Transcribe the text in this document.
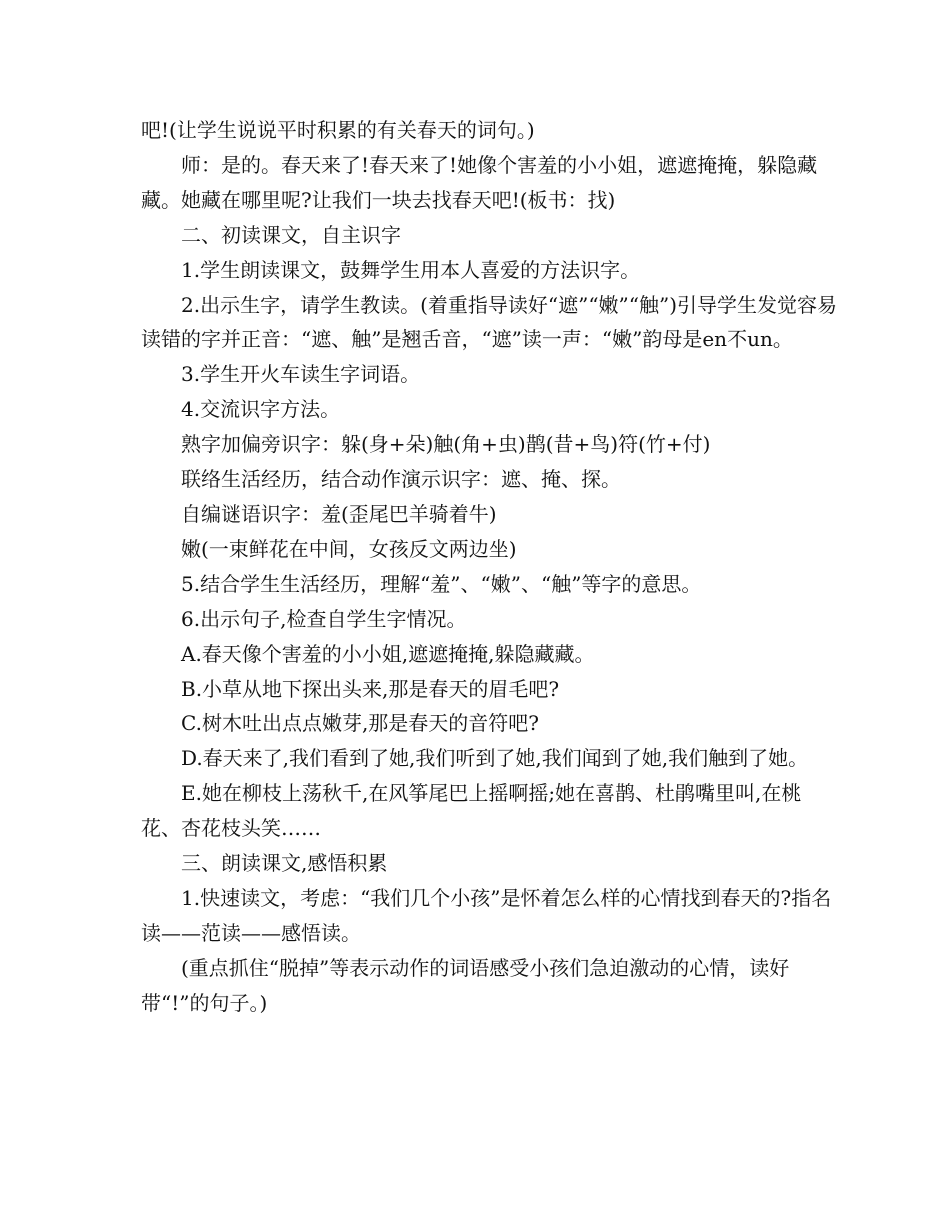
吧!(让学生说说平时积累的有关春天的词句。)

师：是的。春天来了!春天来了!她像个害羞的小小姐，遮遮掩掩，躲隐藏藏。她藏在哪里呢?让我们一块去找春天吧!(板书：找)

二、初读课文，自主识字

1.学生朗读课文，鼓舞学生用本人喜爱的方法识字。

2.出示生字，请学生教读。(着重指导读好“遮”“嫩”“触”)引导学生发觉容易读错的字并正音：“遮、触”是翘舌音，“遮”读一声：“嫩”韵母是en不un。

3.学生开火车读生字词语。

4.交流识字方法。

熟字加偏旁识字：躲(身+朵)触(角+虫)鹊(昔+鸟)符(竹+付)

联络生活经历，结合动作演示识字：遮、掩、探。

自编谜语识字：羞(歪尾巴羊骑着牛)

嫩(一束鲜花在中间，女孩反文两边坐)

5.结合学生生活经历，理解“羞”、“嫩”、“触”等字的意思。

6.出示句子,检查自学生字情况。

A.春天像个害羞的小小姐,遮遮掩掩,躲隐藏藏。

B.小草从地下探出头来,那是春天的眉毛吧?

C.树木吐出点点嫩芽,那是春天的音符吧?

D.春天来了,我们看到了她,我们听到了她,我们闻到了她,我们触到了她。

E.她在柳枝上荡秋千,在风筝尾巴上摇啊摇;她在喜鹊、杜鹃嘴里叫,在桃花、杏花枝头笑……

三、朗读课文,感悟积累

1.快速读文，考虑：“我们几个小孩”是怀着怎么样的心情找到春天的?指名读——范读——感悟读。

(重点抓住“脱掉”等表示动作的词语感受小孩们急迫激动的心情，读好带“!”的句子。)
